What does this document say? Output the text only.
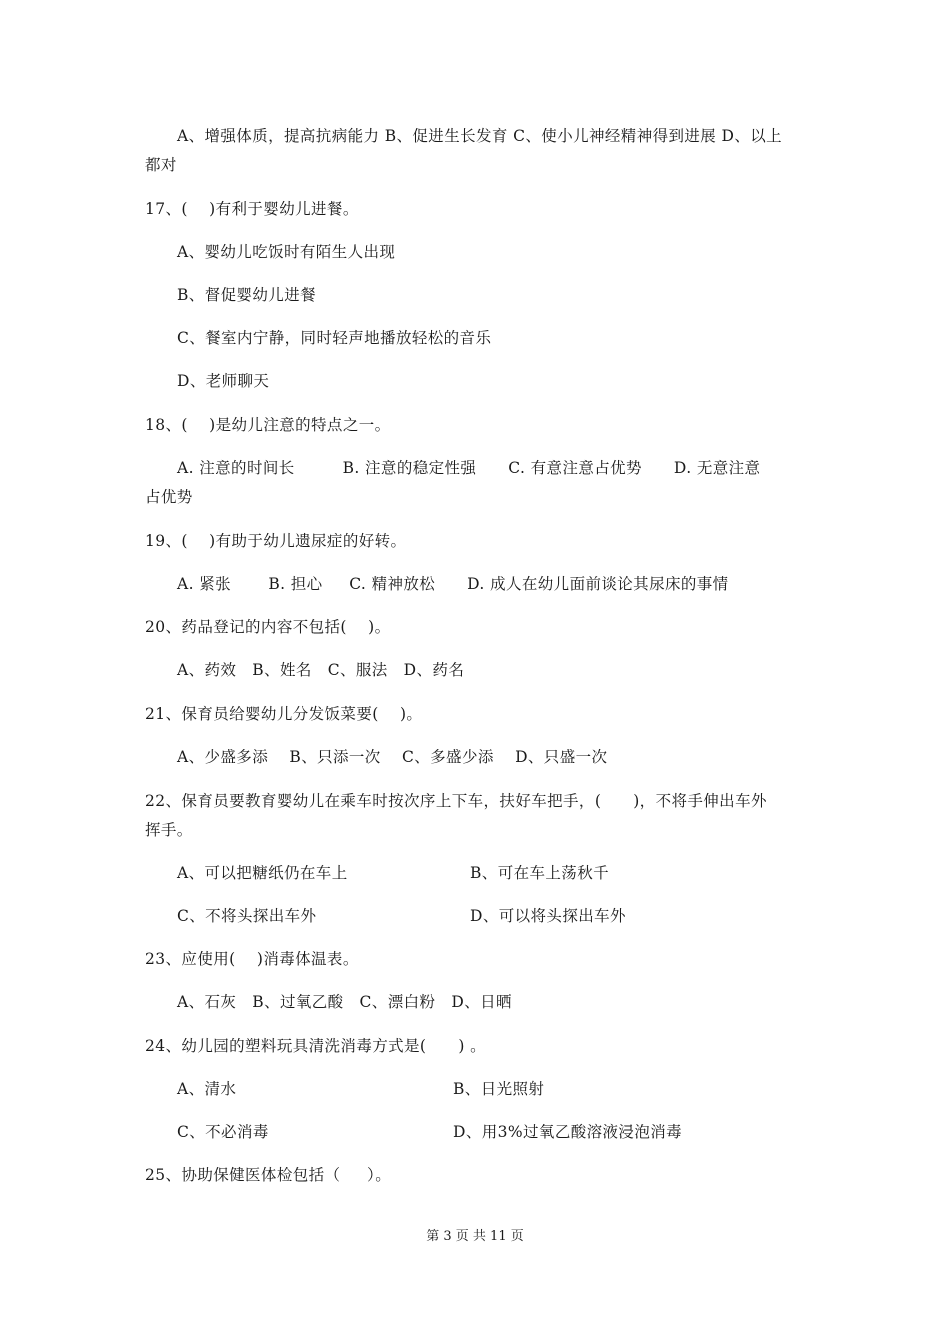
A、增强体质，提高抗病能力 B、促进生长发育 C、使小儿神经精神得到进展 D、以上
都对
17、(    )有利于婴幼儿进餐。
A、婴幼儿吃饭时有陌生人出现
B、督促婴幼儿进餐
C、餐室内宁静，同时轻声地播放轻松的音乐
D、老师聊天
18、(    )是幼儿注意的特点之一。
A. 注意的时间长         B. 注意的稳定性强      C. 有意注意占优势      D. 无意注意
占优势
19、(    )有助于幼儿遗尿症的好转。
A. 紧张       B. 担心     C. 精神放松      D. 成人在幼儿面前谈论其尿床的事情
20、药品登记的内容不包括(    )。
A、药效   B、姓名   C、服法   D、药名
21、保育员给婴幼儿分发饭菜要(    )。
A、少盛多添    B、只添一次    C、多盛少添    D、只盛一次
22、保育员要教育婴幼儿在乘车时按次序上下车，扶好车把手，(      )，不将手伸出车外
挥手。
A、可以把糖纸仍在车上	B、可在车上荡秋千
C、不将头探出车外	D、可以将头探出车外
23、应使用(    )消毒体温表。
A、石灰   B、过氧乙酸   C、漂白粉   D、日晒
24、幼儿园的塑料玩具清洗消毒方式是(      ) 。
A、清水	B、日光照射
C、不必消毒	D、用3%过氧乙酸溶液浸泡消毒
25、协助保健医体检包括（     ）。
第 3 页 共 11 页
